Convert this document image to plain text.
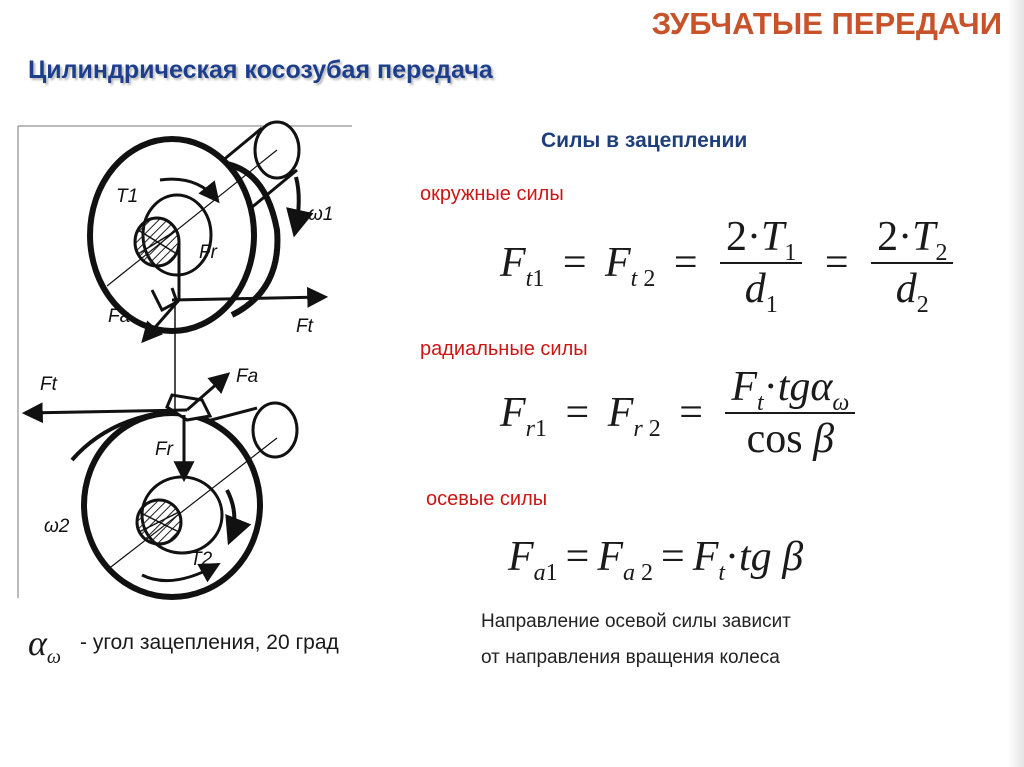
ЗУБЧАТЫЕ ПЕРЕДАЧИ
Цилиндрическая косозубая передача
T1
Fr
ω1
Fa	Ft
Ft	Fa
Fr
ω2
T2
Силы в зацеплении
окружные силы
радиальные силы
осевые силы
$F_{t1} = F_{t 2} = \frac{2\cdot T_1}{d_1} = \frac{2\cdot T_2}{d_2}$
$F_{r1} = F_{r 2} = \frac{F_t\cdot tg\alpha_\omega}{\text{cos β}}$
$F_{a1} = F_{a 2} = F_t\cdot tg$ β
Направление осевой силы зависит
от направления вращения колеса
$\alpha_\omega$
- угол зацепления, 20 град
